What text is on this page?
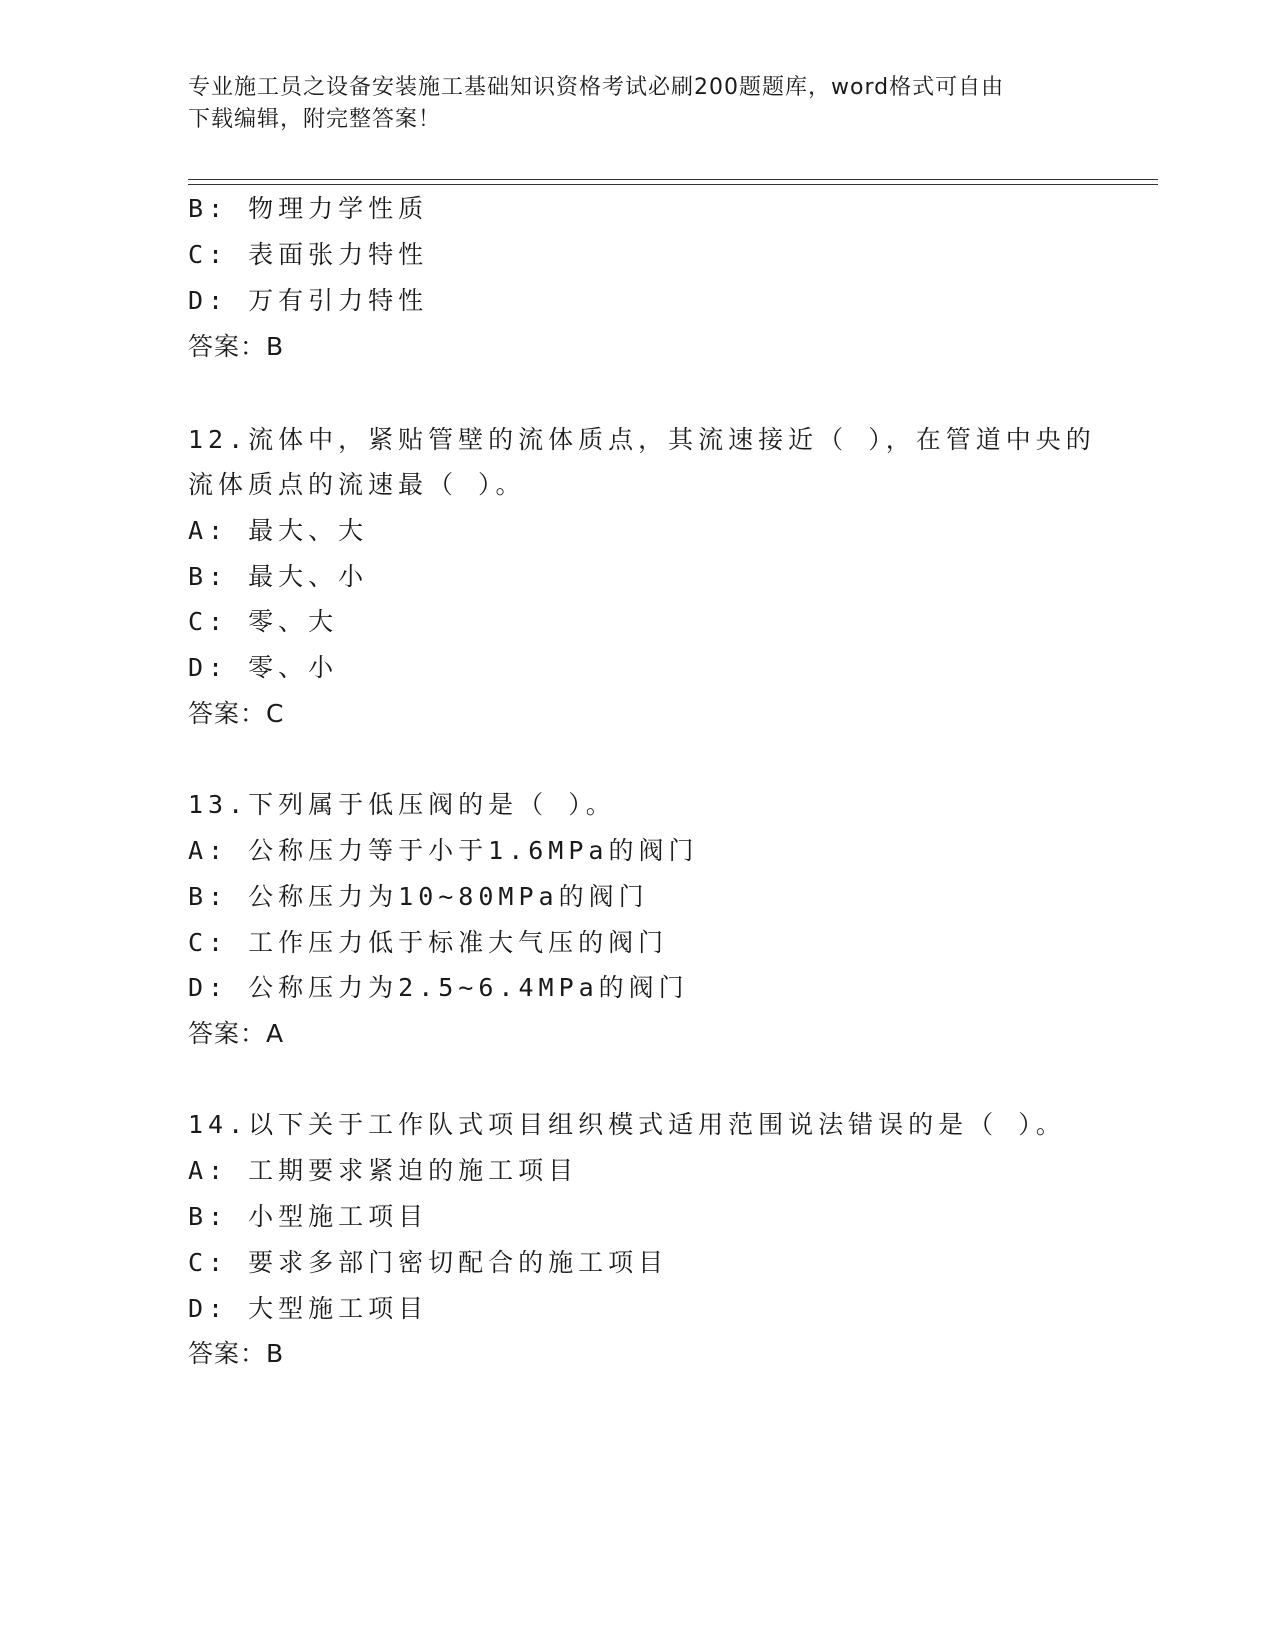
专业施工员之设备安装施工基础知识资格考试必刷200题题库，word格式可自由
下载编辑，附完整答案！
B: 物理力学性质
C: 表面张力特性
D: 万有引力特性
答案：B
12.流体中，紧贴管壁的流体质点，其流速接近（ ），在管道中央的
流体质点的流速最（ ）。
A: 最大、大
B: 最大、小
C: 零、大
D: 零、小
答案：C
13.下列属于低压阀的是（ ）。
A: 公称压力等于小于1.6MPa的阀门
B: 公称压力为10~80MPa的阀门
C: 工作压力低于标准大气压的阀门
D: 公称压力为2.5~6.4MPa的阀门
答案：A
14.以下关于工作队式项目组织模式适用范围说法错误的是（ ）。
A: 工期要求紧迫的施工项目
B: 小型施工项目
C: 要求多部门密切配合的施工项目
D: 大型施工项目
答案：B
